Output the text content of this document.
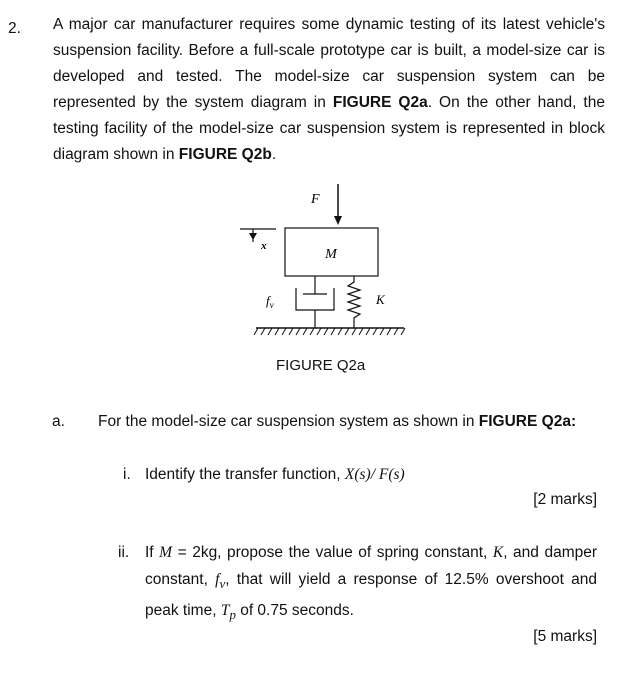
2. A major car manufacturer requires some dynamic testing of its latest vehicle's
suspension facility. Before a full-scale prototype car is built, a model-size car is
developed and tested. The model-size car suspension system can be
represented by the system diagram in FIGURE Q2a. On the other hand, the
testing facility of the model-size car suspension system is represented in block
diagram shown in FIGURE Q2b.
F
M
x
$f_v$	K
FIGURE Q2a
a. For the model-size car suspension system as shown in FIGURE Q2a:
i. Identify the transfer function, X(s)/ F(s)
[2 marks]
ii. If M = 2kg, propose the value of spring constant, K, and damper
constant, $f_v$, that will yield a response of 12.5% overshoot and
peak time, $T_p$ of 0.75 seconds.
[5 marks]
